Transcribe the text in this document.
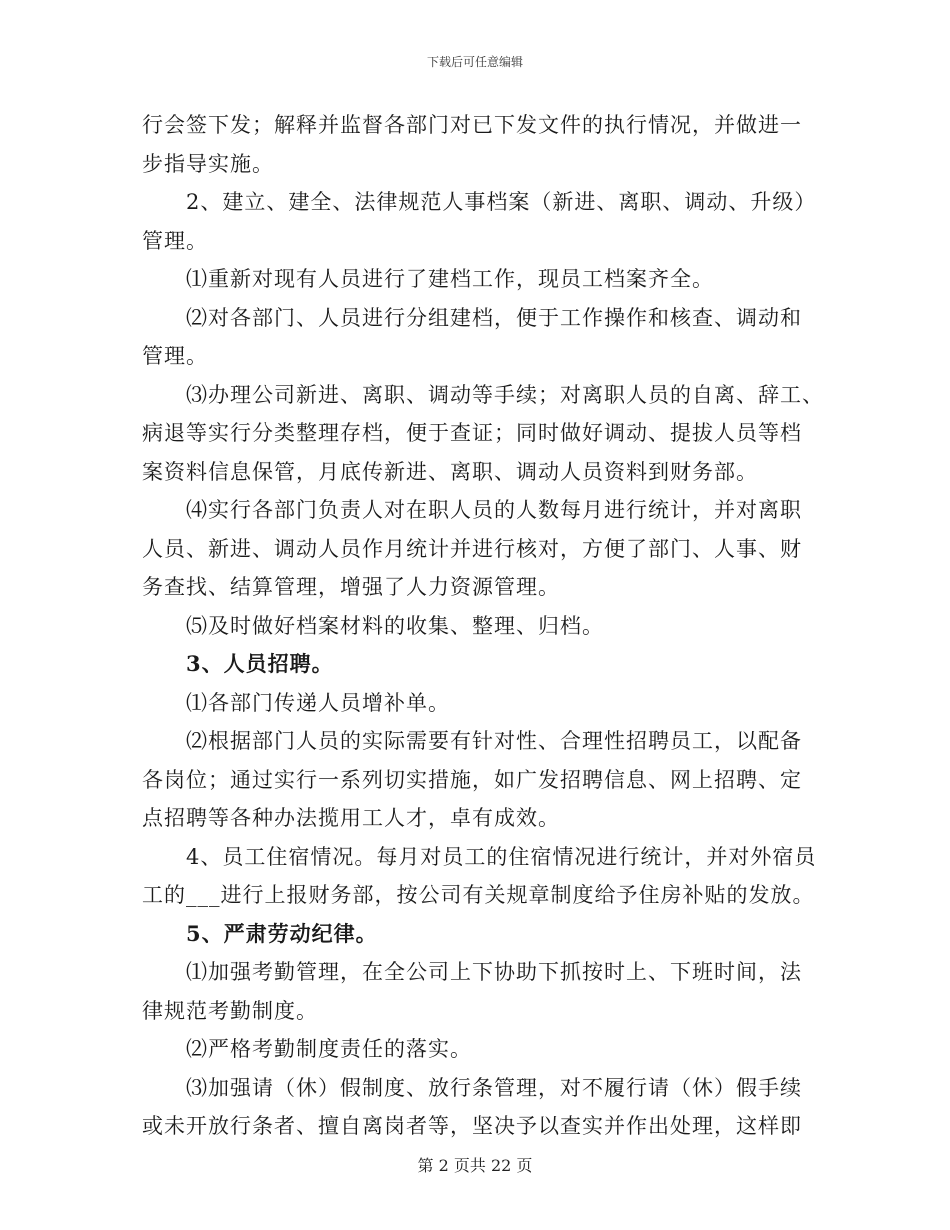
下载后可任意编辑
行会签下发；解释并监督各部门对已下发文件的执行情况，并做进一
步指导实施。
2、建立、建全、法律规范人事档案（新进、离职、调动、升级）
管理。
⑴重新对现有人员进行了建档工作，现员工档案齐全。
⑵对各部门、人员进行分组建档，便于工作操作和核查、调动和
管理。
⑶办理公司新进、离职、调动等手续；对离职人员的自离、辞工、
病退等实行分类整理存档，便于查证；同时做好调动、提拔人员等档
案资料信息保管，月底传新进、离职、调动人员资料到财务部。
⑷实行各部门负责人对在职人员的人数每月进行统计，并对离职
人员、新进、调动人员作月统计并进行核对，方便了部门、人事、财
务查找、结算管理，增强了人力资源管理。
⑸及时做好档案材料的收集、整理、归档。
3、人员招聘。
⑴各部门传递人员增补单。
⑵根据部门人员的实际需要有针对性、合理性招聘员工，以配备
各岗位；通过实行一系列切实措施，如广发招聘信息、网上招聘、定
点招聘等各种办法揽用工人才，卓有成效。
4、员工住宿情况。每月对员工的住宿情况进行统计，并对外宿员
工的___进行上报财务部，按公司有关规章制度给予住房补贴的发放。
5、严肃劳动纪律。
⑴加强考勤管理，在全公司上下协助下抓按时上、下班时间，法
律规范考勤制度。
⑵严格考勤制度责任的落实。
⑶加强请（休）假制度、放行条管理，对不履行请（休）假手续
或未开放行条者、擅自离岗者等，坚决予以查实并作出处理，这样即
第 2 页共 22 页
